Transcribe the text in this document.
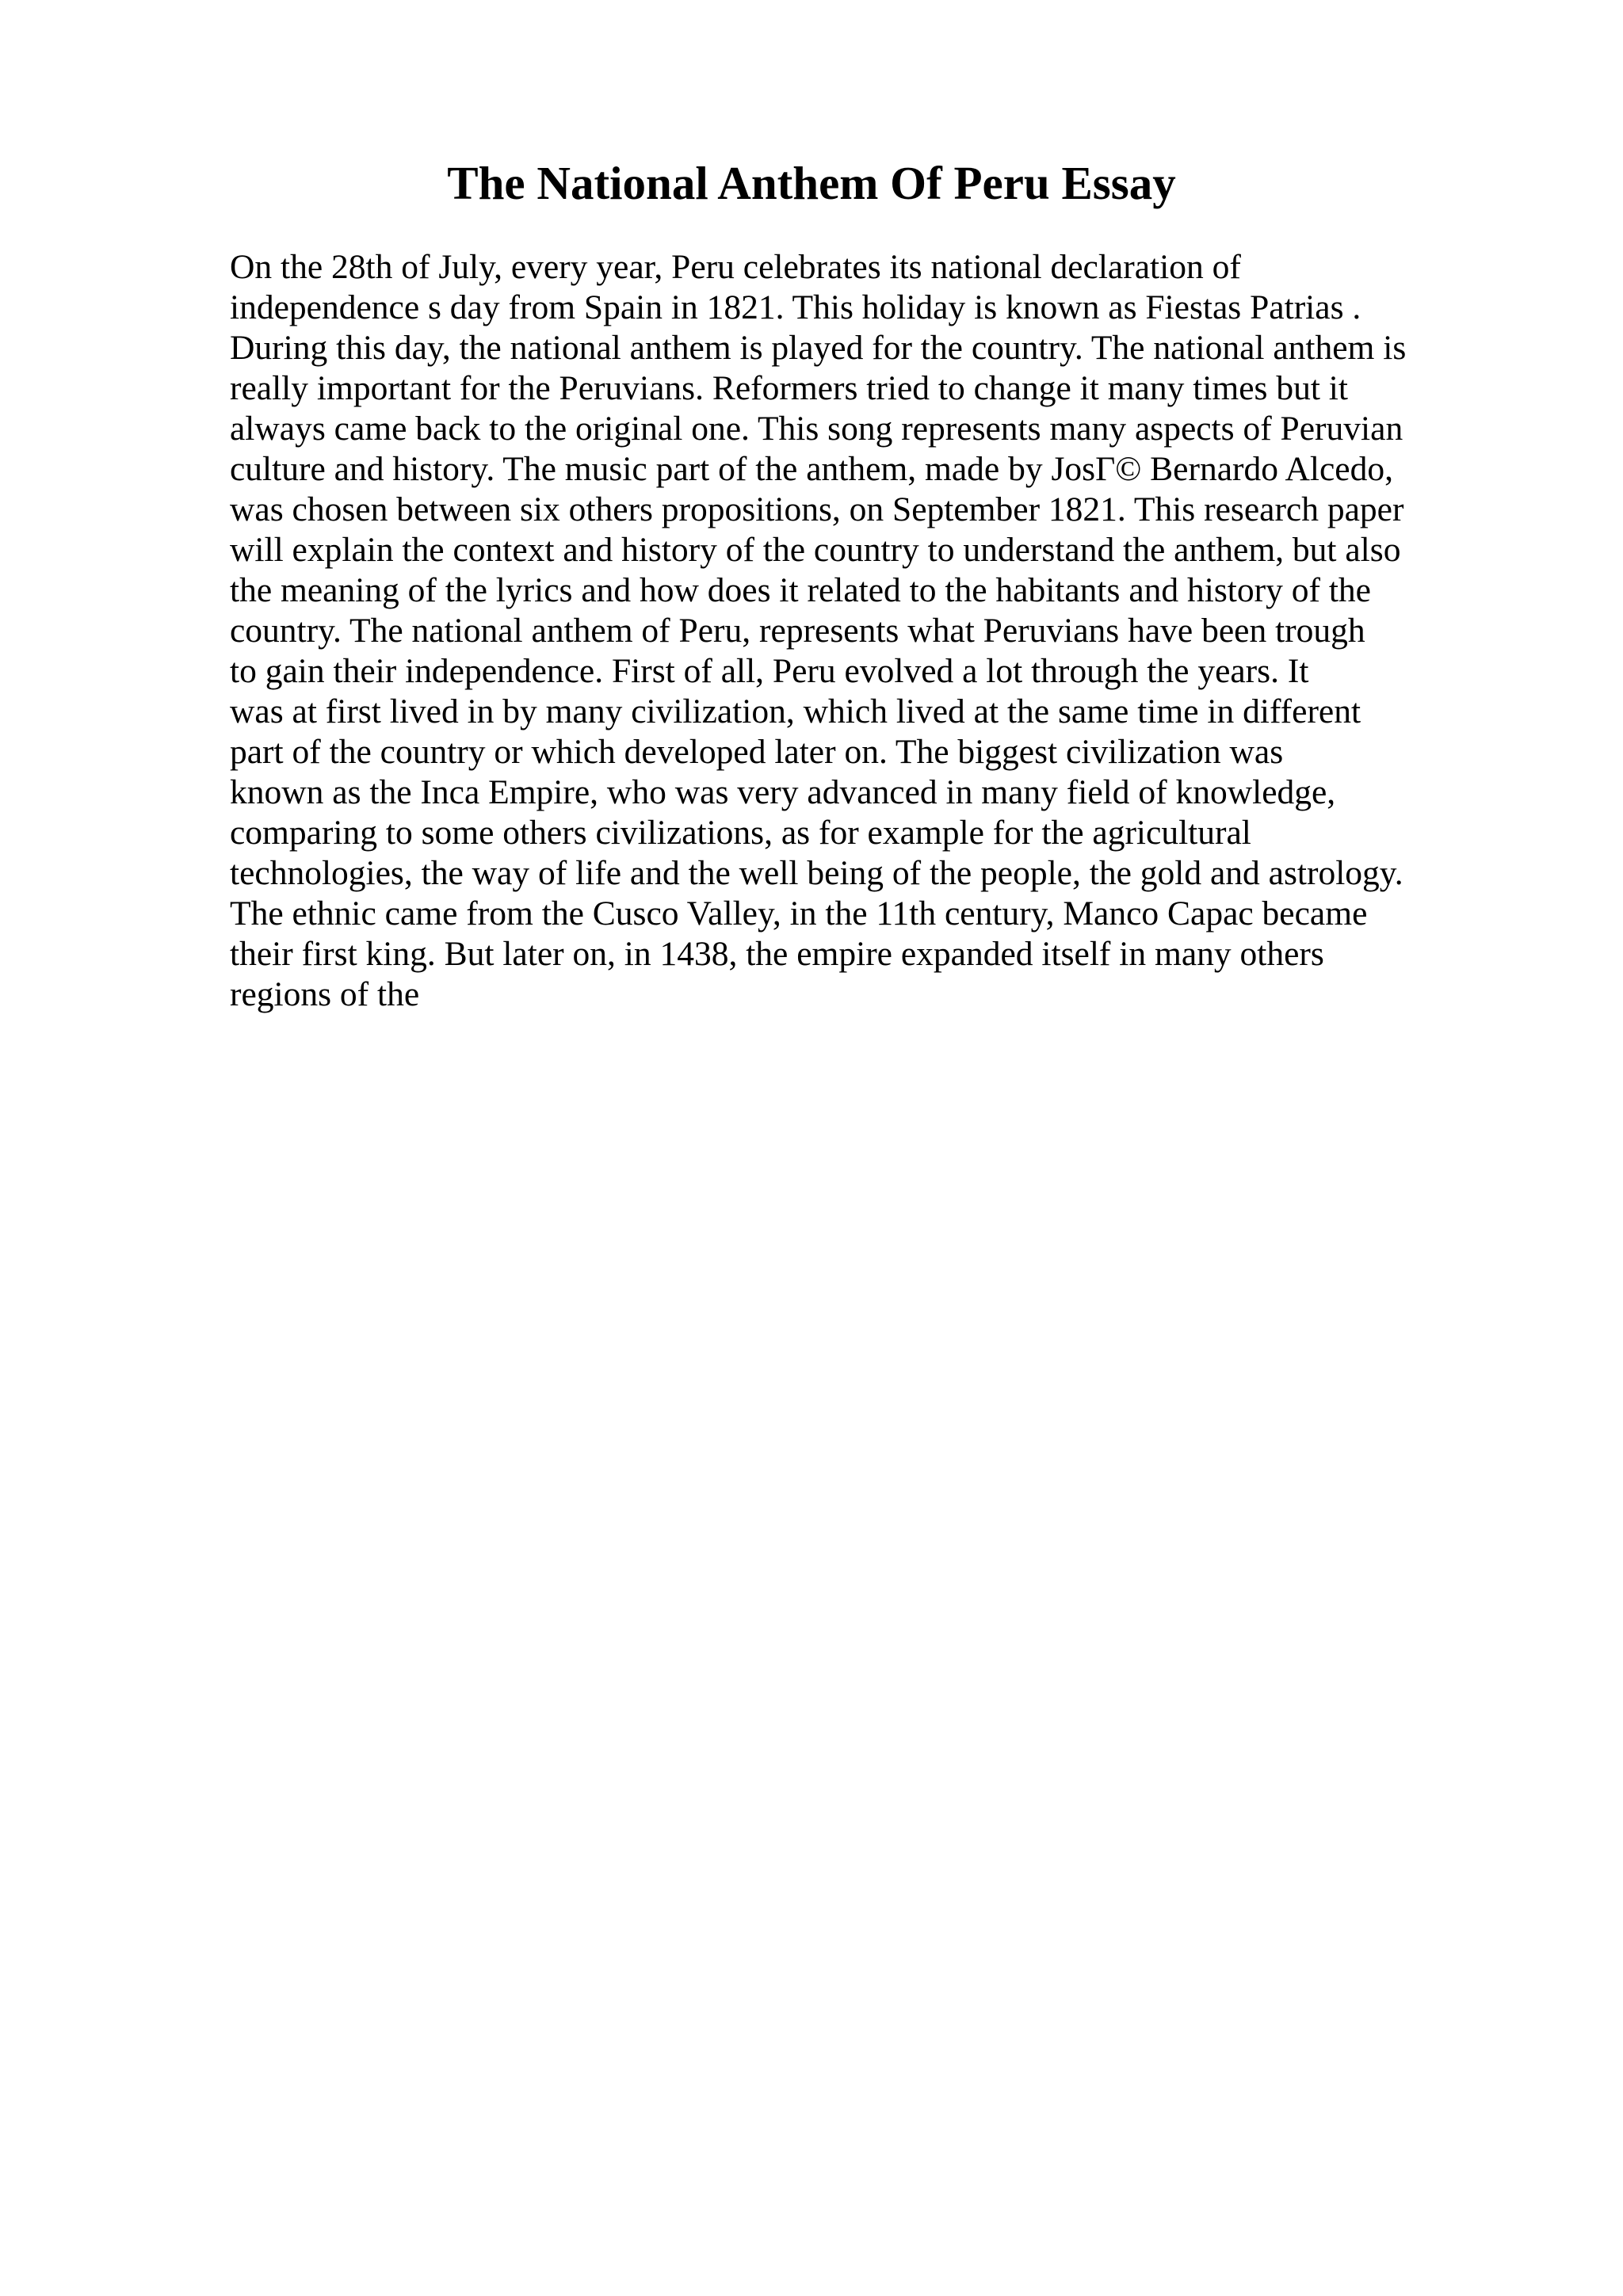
The National Anthem Of Peru Essay
On the 28th of July, every year, Peru celebrates its national declaration of
independence s day from Spain in 1821. This holiday is known as Fiestas Patrias .
During this day, the national anthem is played for the country. The national anthem is
really important for the Peruvians. Reformers tried to change it many times but it
always came back to the original one. This song represents many aspects of Peruvian
culture and history. The music part of the anthem, made by JosΓ© Bernardo Alcedo,
was chosen between six others propositions, on September 1821. This research paper
will explain the context and history of the country to understand the anthem, but also
the meaning of the lyrics and how does it related to the habitants and history of the
country. The national anthem of Peru, represents what Peruvians have been trough
to gain their independence. First of all, Peru evolved a lot through the years. It
was at first lived in by many civilization, which lived at the same time in different
part of the country or which developed later on. The biggest civilization was
known as the Inca Empire, who was very advanced in many field of knowledge,
comparing to some others civilizations, as for example for the agricultural
technologies, the way of life and the well being of the people, the gold and astrology.
The ethnic came from the Cusco Valley, in the 11th century, Manco Capac became
their first king. But later on, in 1438, the empire expanded itself in many others
regions of the
